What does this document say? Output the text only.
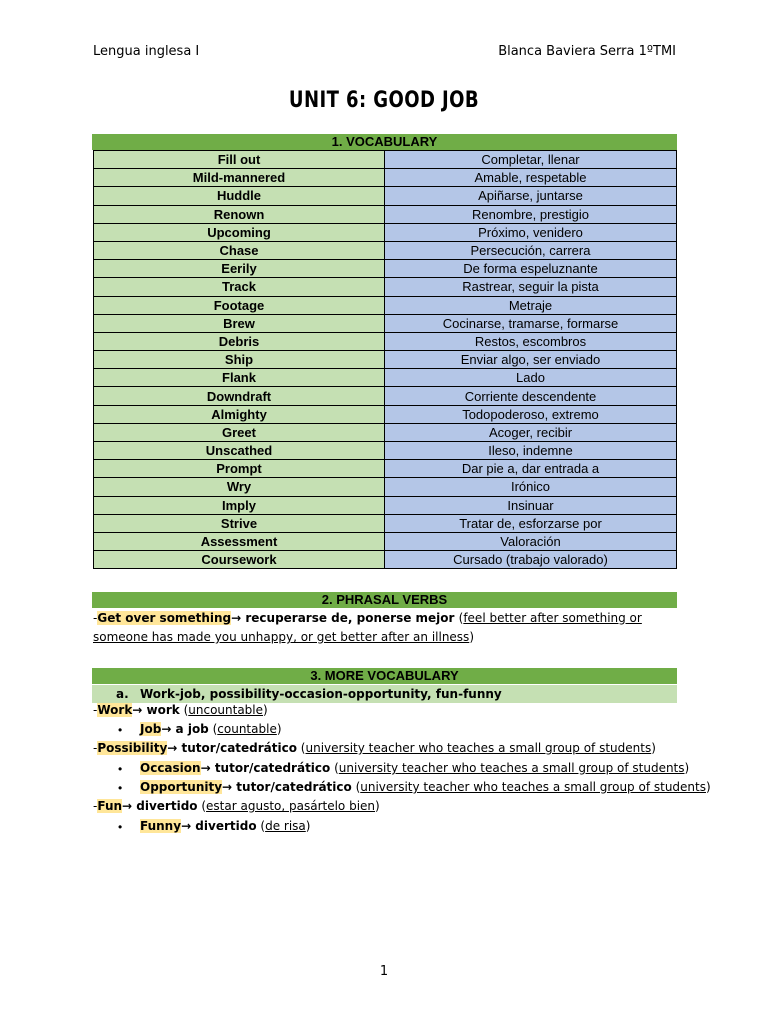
Lengua inglesa I	Blanca Baviera Serra 1ºTMI
UNIT 6: GOOD JOB
1. VOCABULARY
Fill out	Completar, llenar
Mild-mannered	Amable, respetable
Huddle	Apiñarse, juntarse
Renown	Renombre, prestigio
Upcoming	Próximo, venidero
Chase	Persecución, carrera
Eerily	De forma espeluznante
Track	Rastrear, seguir la pista
Footage	Metraje
Brew	Cocinarse, tramarse, formarse
Debris	Restos, escombros
Ship	Enviar algo, ser enviado
Flank	Lado
Downdraft	Corriente descendente
Almighty	Todopoderoso, extremo
Greet	Acoger, recibir
Unscathed	Ileso, indemne
Prompt	Dar pie a, dar entrada a
Wry	Irónico
Imply	Insinuar
Strive	Tratar de, esforzarse por
Assessment	Valoración
Coursework	Cursado (trabajo valorado)
2. PHRASAL VERBS
-Get over something→ recuperarse de, ponerse mejor (feel better after something or someone has made you unhappy, or get better after an illness)
3. MORE VOCABULARY
a. Work-job, possibility-occasion-opportunity, fun-funny
-Work→ work (uncountable)
• Job→ a job (countable)
-Possibility→ tutor/catedrático (university teacher who teaches a small group of students)
• Occasion→ tutor/catedrático (university teacher who teaches a small group of students)
• Opportunity→ tutor/catedrático (university teacher who teaches a small group of students)
-Fun→ divertido (estar agusto, pasártelo bien)
• Funny→ divertido (de risa)
1
